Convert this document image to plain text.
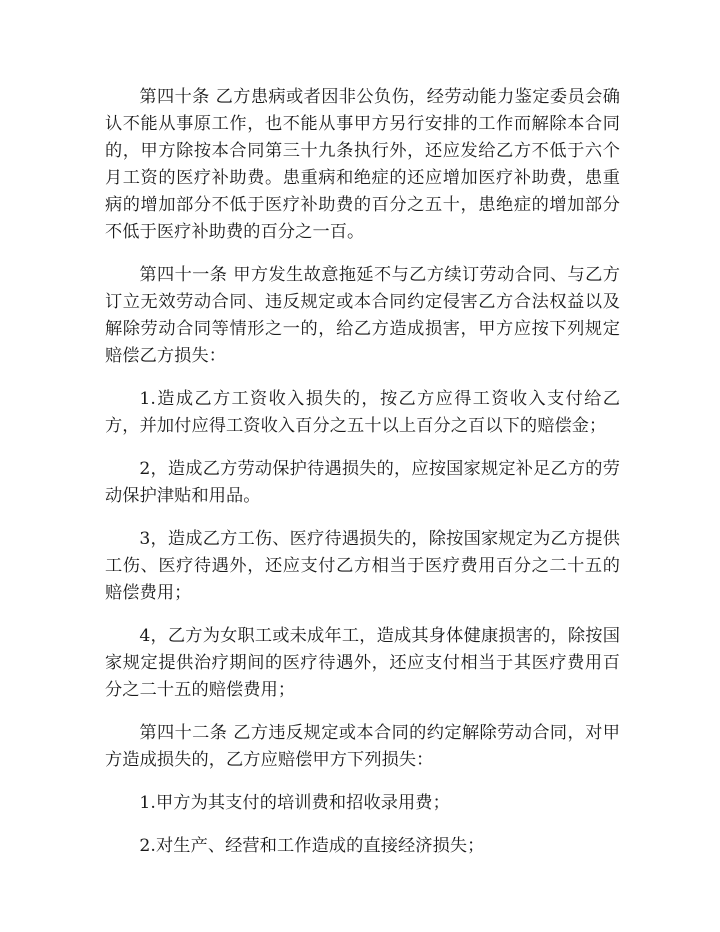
第四十条 乙方患病或者因非公负伤，经劳动能力鉴定委员会确认不能从事原工作，也不能从事甲方另行安排的工作而解除本合同的，甲方除按本合同第三十九条执行外，还应发给乙方不低于六个月工资的医疗补助费。患重病和绝症的还应增加医疗补助费，患重病的增加部分不低于医疗补助费的百分之五十，患绝症的增加部分不低于医疗补助费的百分之一百。

第四十一条 甲方发生故意拖延不与乙方续订劳动合同、与乙方订立无效劳动合同、违反规定或本合同约定侵害乙方合法权益以及解除劳动合同等情形之一的，给乙方造成损害，甲方应按下列规定赔偿乙方损失：

1.造成乙方工资收入损失的，按乙方应得工资收入支付给乙方，并加付应得工资收入百分之五十以上百分之百以下的赔偿金；

2，造成乙方劳动保护待遇损失的，应按国家规定补足乙方的劳动保护津贴和用品。

3，造成乙方工伤、医疗待遇损失的，除按国家规定为乙方提供工伤、医疗待遇外，还应支付乙方相当于医疗费用百分之二十五的赔偿费用；

4，乙方为女职工或未成年工，造成其身体健康损害的，除按国家规定提供治疗期间的医疗待遇外，还应支付相当于其医疗费用百分之二十五的赔偿费用；

第四十二条 乙方违反规定或本合同的约定解除劳动合同，对甲方造成损失的，乙方应赔偿甲方下列损失：

1.甲方为其支付的培训费和招收录用费；

2.对生产、经营和工作造成的直接经济损失；
